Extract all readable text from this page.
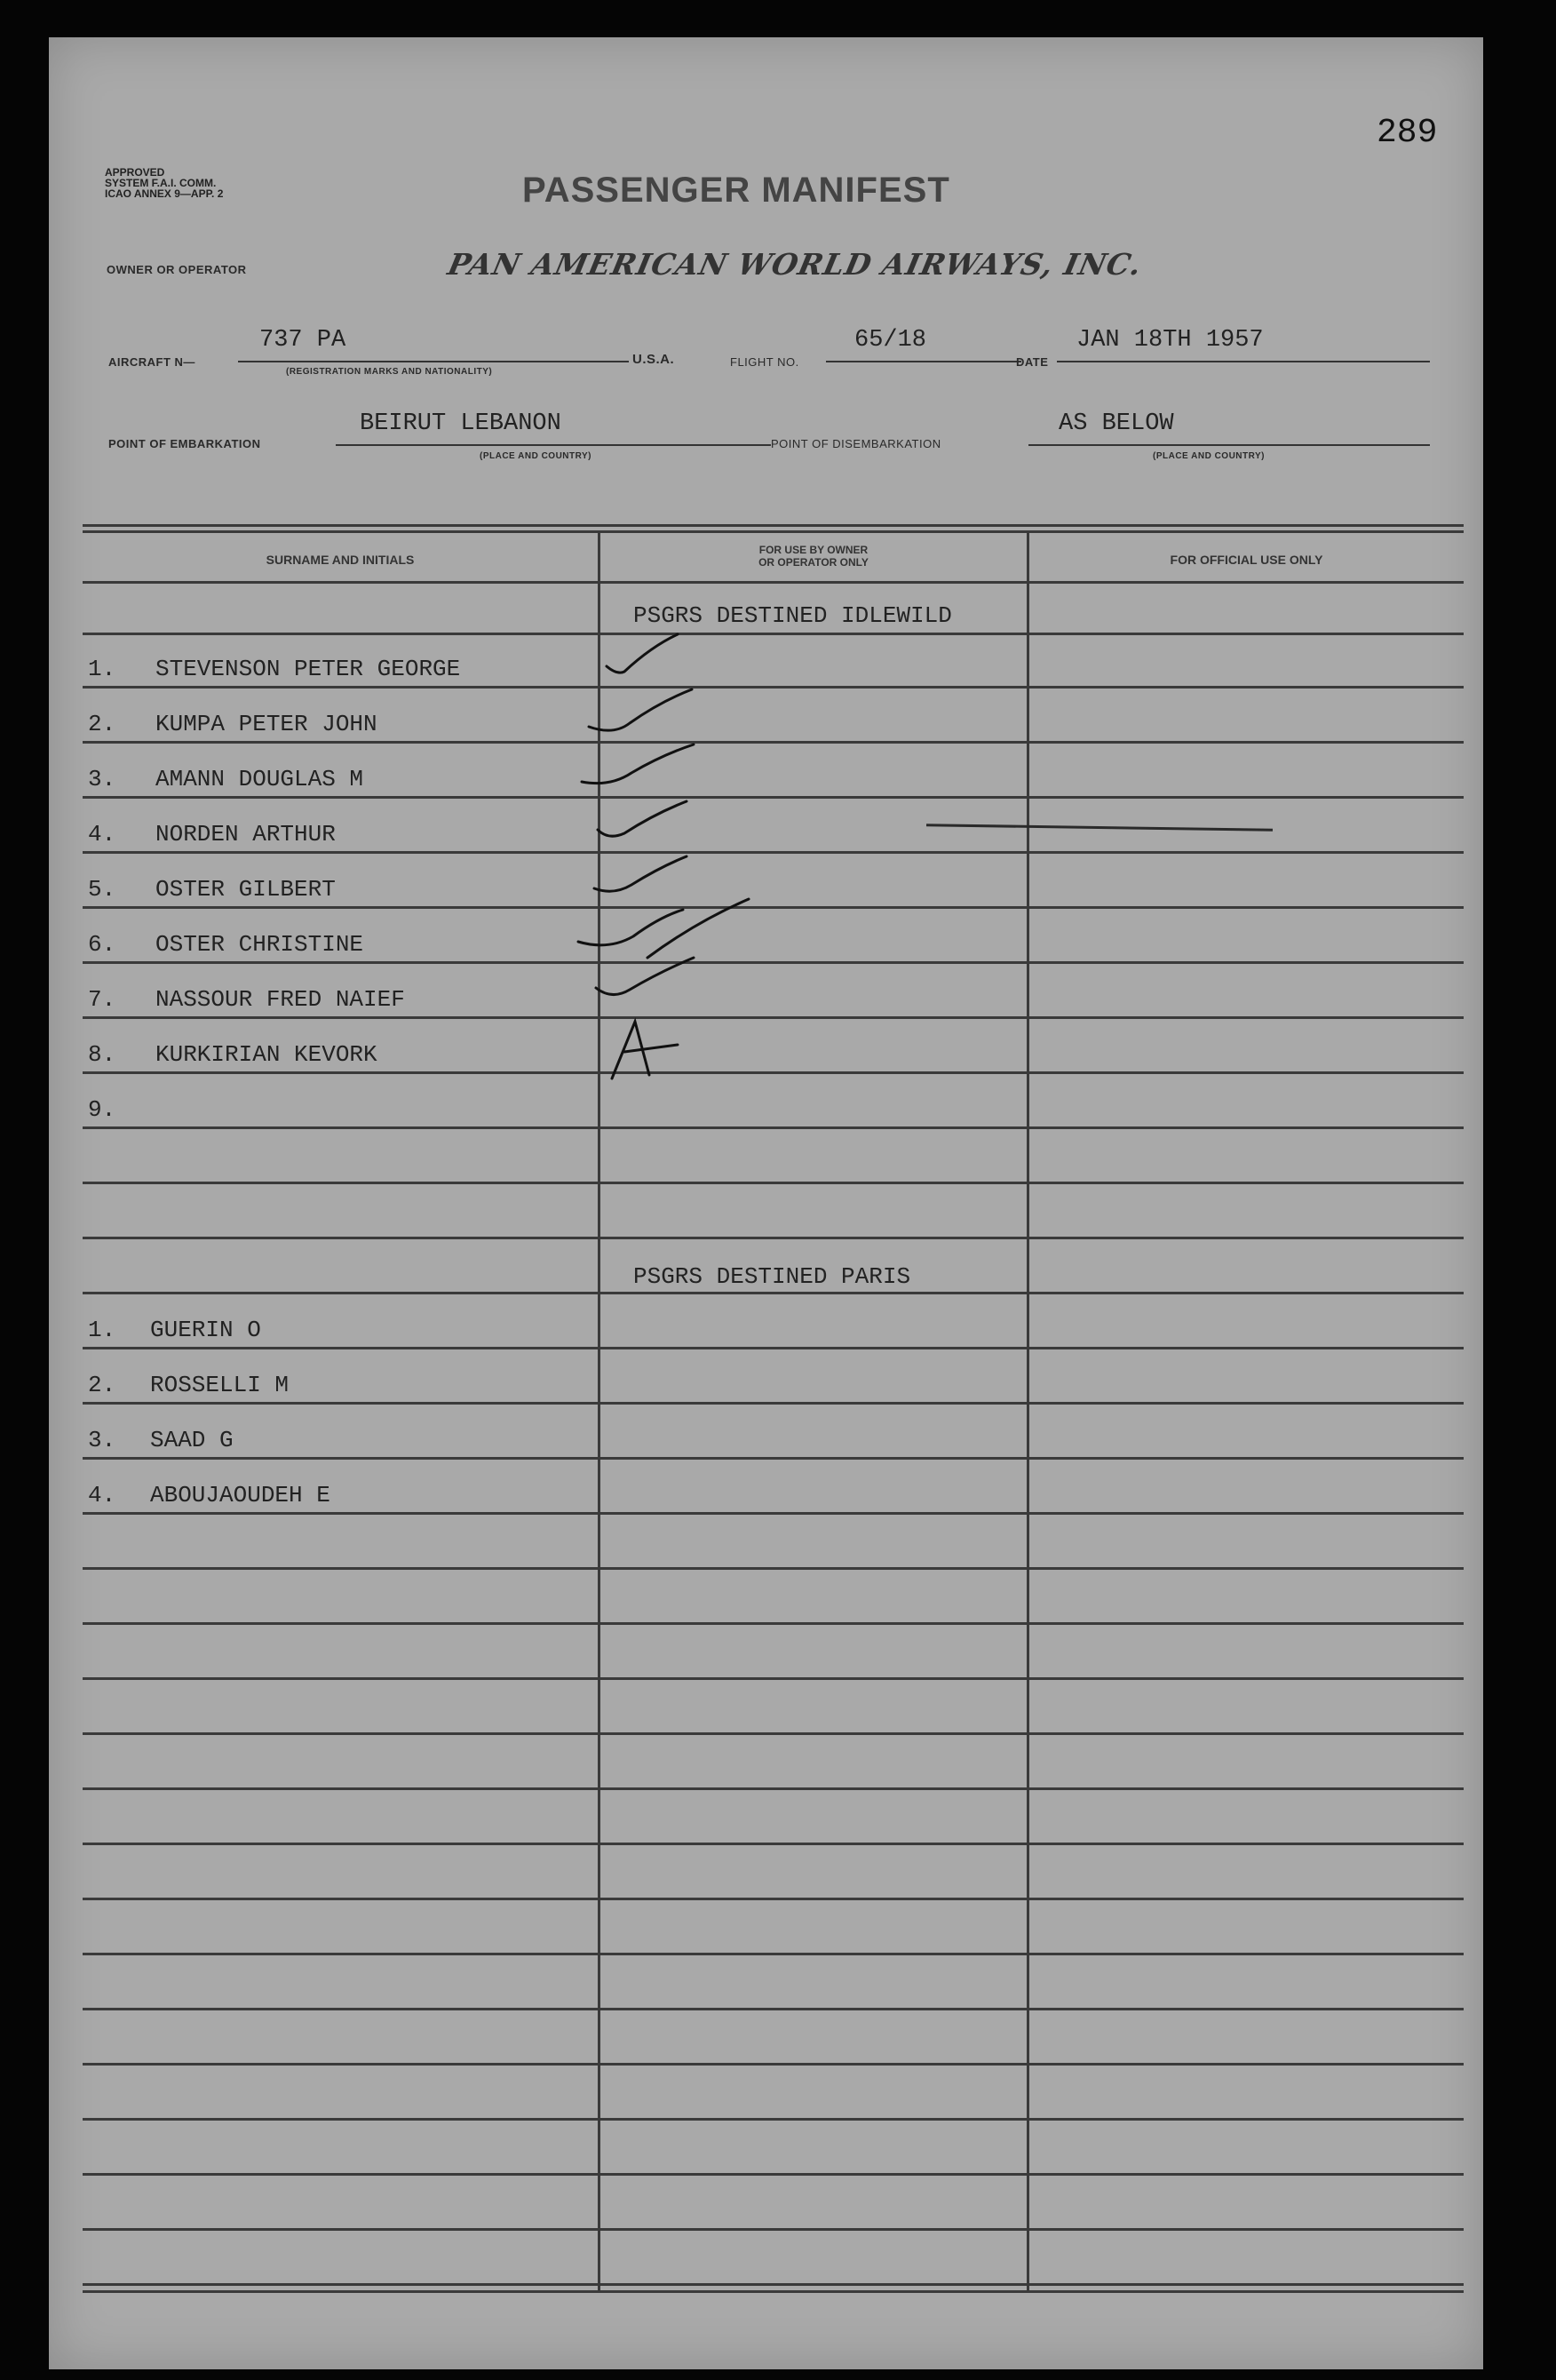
289
APPROVED
SYSTEM F.A.I. COMM.
ICAO ANNEX 9—APP. 2	PASSENGER MANIFEST
OWNER OR OPERATOR	PAN AMERICAN WORLD AIRWAYS, INC.
AIRCRAFT N—
737 PA
(REGISTRATION MARKS AND NATIONALITY)
U.S.A.	FLIGHT NO.
65/18
DATE
JAN 18TH 1957
POINT OF EMBARKATION
BEIRUT LEBANON
(PLACE AND COUNTRY)
POINT OF DISEMBARKATION
AS BELOW
(PLACE AND COUNTRY)
SURNAME AND INITIALS
FOR USE BY OWNER
OR OPERATOR ONLY	FOR OFFICIAL USE ONLY
PSGRS DESTINED IDLEWILD
1. STEVENSON PETER GEORGE
2. KUMPA PETER JOHN
3. AMANN DOUGLAS M
4. NORDEN ARTHUR
5. OSTER GILBERT
6. OSTER CHRISTINE
7. NASSOUR FRED NAIEF
8. KURKIRIAN KEVORK
9.
PSGRS DESTINED PARIS
1. GUERIN O
2. ROSSELLI M
3. SAAD G
4. ABOUJAOUDEH E
